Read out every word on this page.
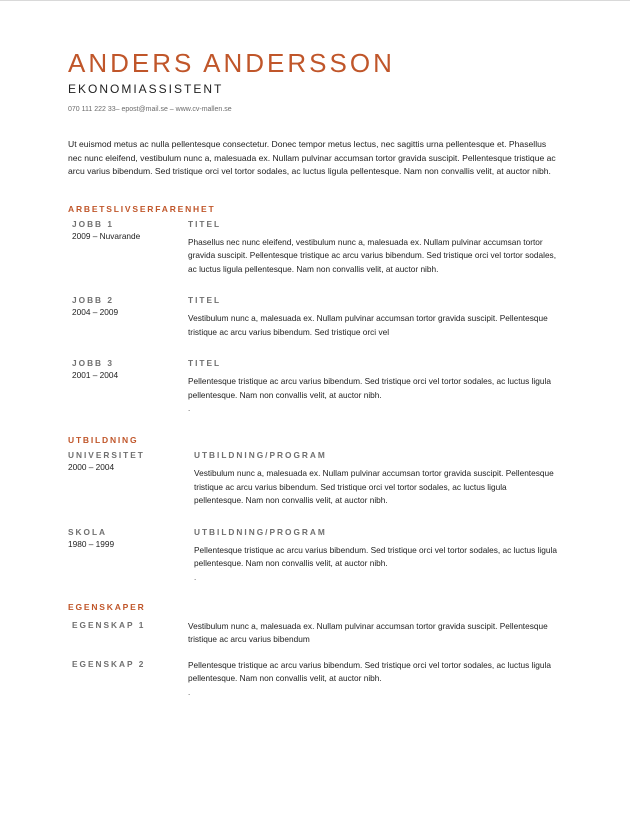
ANDERS ANDERSSON
EKONOMIASSISTENT
070 111 222 33– epost@mail.se – www.cv-mallen.se
Ut euismod metus ac nulla pellentesque consectetur. Donec tempor metus lectus, nec sagittis urna pellentesque et. Phasellus nec nunc eleifend, vestibulum nunc a, malesuada ex. Nullam pulvinar accumsan tortor gravida suscipit. Pellentesque tristique ac arcu varius bibendum. Sed tristique orci vel tortor sodales, ac luctus ligula pellentesque. Nam non convallis velit, at auctor nibh.
ARBETSLIVSERFARENHET
JOBB 1
2009 – Nuvarande
TITEL
Phasellus nec nunc eleifend, vestibulum nunc a, malesuada ex. Nullam pulvinar accumsan tortor gravida suscipit. Pellentesque tristique ac arcu varius bibendum. Sed tristique orci vel tortor sodales, ac luctus ligula pellentesque. Nam non convallis velit, at auctor nibh.
JOBB 2
2004 – 2009
TITEL
Vestibulum nunc a, malesuada ex. Nullam pulvinar accumsan tortor gravida suscipit. Pellentesque tristique ac arcu varius bibendum. Sed tristique orci vel
JOBB 3
2001 – 2004
TITEL
Pellentesque tristique ac arcu varius bibendum. Sed tristique orci vel tortor sodales, ac luctus ligula pellentesque. Nam non convallis velit, at auctor nibh.
.
UTBILDNING
UNIVERSITET
2000 – 2004
UTBILDNING/PROGRAM
Vestibulum nunc a, malesuada ex. Nullam pulvinar accumsan tortor gravida suscipit. Pellentesque tristique ac arcu varius bibendum. Sed tristique orci vel tortor sodales, ac luctus ligula pellentesque. Nam non convallis velit, at auctor nibh.
SKOLA
1980 – 1999
UTBILDNING/PROGRAM
Pellentesque tristique ac arcu varius bibendum. Sed tristique orci vel tortor sodales, ac luctus ligula pellentesque. Nam non convallis velit, at auctor nibh.
.
EGENSKAPER
EGENSKAP 1	Vestibulum nunc a, malesuada ex. Nullam pulvinar accumsan tortor gravida suscipit. Pellentesque tristique ac arcu varius bibendum
EGENSKAP 2	Pellentesque tristique ac arcu varius bibendum. Sed tristique orci vel tortor sodales, ac luctus ligula pellentesque. Nam non convallis velit, at auctor nibh.
.
